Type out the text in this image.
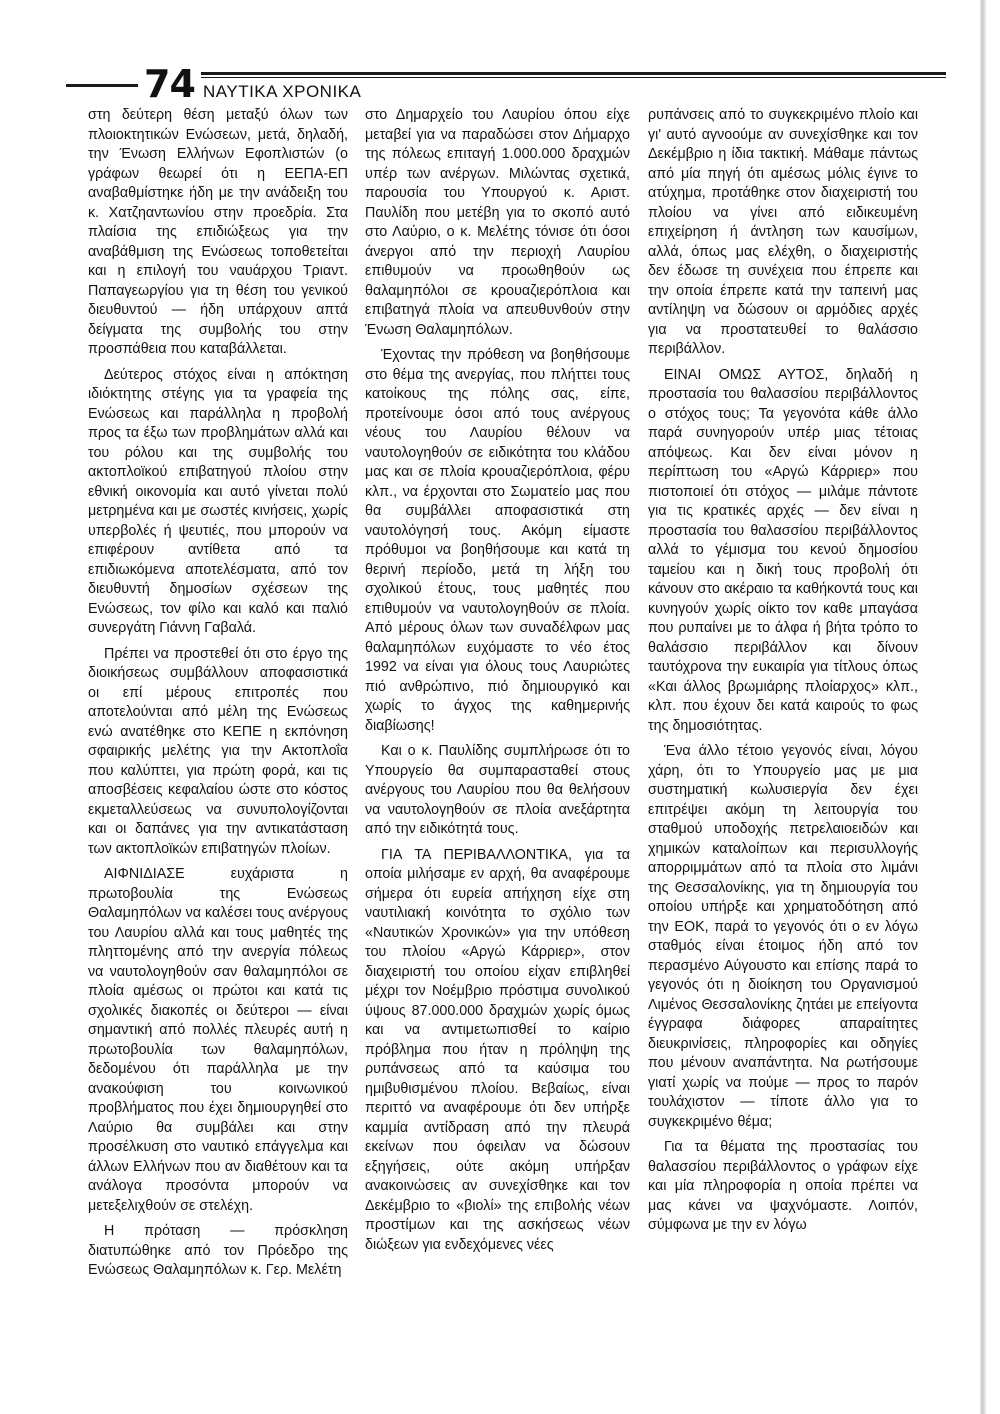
74 ΝΑΥΤΙΚΑ ΧΡΟΝΙΚΑ

στη δεύτερη θέση μεταξύ όλων των πλοιοκτητικών Ενώσεων, μετά, δηλαδή, την Ένωση Ελλήνων Εφοπλιστών (ο γράφων θεωρεί ότι η ΕΕΠΑ-ΕΠ αναβαθμίστηκε ήδη με την ανάδειξη του κ. Χατζηαντωνίου στην προεδρία. Στα πλαίσια της επιδιώξεως για την αναβάθμιση της Ενώσεως τοποθετείται και η επιλογή του ναυάρχου Τριαντ. Παπαγεωργίου για τη θέση του γενικού διευθυντού — ήδη υπάρχουν απτά δείγματα της συμβολής του στην προσπάθεια που καταβάλλεται.

Δεύτερος στόχος είναι η απόκτηση ιδιόκτητης στέγης για τα γραφεία της Ενώσεως και παράλληλα η προβολή προς τα έξω των προβλημάτων αλλά και του ρόλου και της συμβολής του ακτοπλοϊκού επιβατηγού πλοίου στην εθνική οικονομία και αυτό γίνεται πολύ μετρημένα και με σωστές κινήσεις, χωρίς υπερβολές ή ψευτιές, που μπορούν να επιφέρουν αντίθετα από τα επιδιωκόμενα αποτελέσματα, από τον διευθυντή δημοσίων σχέσεων της Ενώσεως, τον φίλο και καλό και παλιό συνεργάτη Γιάννη Γαβαλά.

Πρέπει να προστεθεί ότι στο έργο της διοικήσεως συμβάλλουν αποφασιστικά οι επί μέρους επιτροπές που αποτελούνται από μέλη της Ενώσεως ενώ ανατέθηκε στο ΚΕΠΕ η εκπόνηση σφαιρικής μελέτης για την Ακτοπλοΐα που καλύπτει, για πρώτη φορά, και τις αποσβέσεις κεφαλαίου ώστε στο κόστος εκμεταλλεύσεως να συνυπολογίζονται και οι δαπάνες για την αντικατάσταση των ακτοπλοϊκών επιβατηγών πλοίων.

ΑΙΦΝΙΔΙΑΣΕ ευχάριστα η πρωτοβουλία της Ενώσεως Θαλαμηπόλων να καλέσει τους ανέργους του Λαυρίου αλλά και τους μαθητές της πληττομένης από την ανεργία πόλεως να ναυτολογηθούν σαν θαλαμηπόλοι σε πλοία αμέσως οι πρώτοι και κατά τις σχολικές διακοπές οι δεύτεροι — είναι σημαντική από πολλές πλευρές αυτή η πρωτοβουλία των θαλαμηπόλων, δεδομένου ότι παράλληλα με την ανακούφιση του κοινωνικού προβλήματος που έχει δημιουργηθεί στο Λαύριο θα συμβάλει και στην προσέλκυση στο ναυτικό επάγγελμα και άλλων Ελλήνων που αν διαθέτουν και τα ανάλογα προσόντα μπορούν να μετεξελιχθούν σε στελέχη.

Η πρόταση — πρόσκληση διατυπώθηκε από τον Πρόεδρο της Ενώσεως Θαλαμηπόλων κ. Γερ. Μελέτη

στο Δημαρχείο του Λαυρίου όπου είχε μεταβεί για να παραδώσει στον Δήμαρχο της πόλεως επιταγή 1.000.000 δραχμών υπέρ των ανέργων. Μιλώντας σχετικά, παρουσία του Υπουργού κ. Αριστ. Παυλίδη που μετέβη για το σκοπό αυτό στο Λαύριο, ο κ. Μελέτης τόνισε ότι όσοι άνεργοι από την περιοχή Λαυρίου επιθυμούν να προωθηθούν ως θαλαμηπόλοι σε κρουαζιερόπλοια και επιβατηγά πλοία να απευθυνθούν στην Ένωση Θαλαμηπόλων.

Έχοντας την πρόθεση να βοηθήσουμε στο θέμα της ανεργίας, που πλήττει τους κατοίκους της πόλης σας, είπε, προτείνουμε όσοι από τους ανέργους νέους του Λαυρίου θέλουν να ναυτολογηθούν σε ειδικότητα του κλάδου μας και σε πλοία κρουαζιερόπλοια, φέρυ κλπ., να έρχονται στο Σωματείο μας που θα συμβάλλει αποφασιστικά στη ναυτολόγησή τους. Ακόμη είμαστε πρόθυμοι να βοηθήσουμε και κατά τη θερινή περίοδο, μετά τη λήξη του σχολικού έτους, τους μαθητές που επιθυμούν να ναυτολογηθούν σε πλοία. Από μέρους όλων των συναδέλφων μας θαλαμηπόλων ευχόμαστε το νέο έτος 1992 να είναι για όλους τους Λαυριώτες πιό ανθρώπινο, πιό δημιουργικό και χωρίς το άγχος της καθημερινής διαβίωσης!

Και ο κ. Παυλίδης συμπλήρωσε ότι το Υπουργείο θα συμπαρασταθεί στους ανέργους του Λαυρίου που θα θελήσουν να ναυτολογηθούν σε πλοία ανεξάρτητα από την ειδικότητά τους.

ΓΙΑ ΤΑ ΠΕΡΙΒΑΛΛΟΝΤΙΚΑ, για τα οποία μιλήσαμε εν αρχή, θα αναφέρουμε σήμερα ότι ευρεία απήχηση είχε στη ναυτιλιακή κοινότητα το σχόλιο των «Ναυτικών Χρονικών» για την υπόθεση του πλοίου «Αργώ Κάρριερ», στον διαχειριστή του οποίου είχαν επιβληθεί μέχρι τον Νοέμβριο πρόστιμα συνολικού ύψους 87.000.000 δραχμών χωρίς όμως και να αντιμετωπισθεί το καίριο πρόβλημα που ήταν η πρόληψη της ρυπάνσεως από τα καύσιμα του ημιβυθισμένου πλοίου. Βεβαίως, είναι περιττό να αναφέρουμε ότι δεν υπήρξε καμμία αντίδραση από την πλευρά εκείνων που όφειλαν να δώσουν εξηγήσεις, ούτε ακόμη υπήρξαν ανακοινώσεις αν συνεχίσθηκε και τον Δεκέμβριο το «βιολί» της επιβολής νέων προστίμων και της ασκήσεως νέων διώξεων για ενδεχόμενες νέες

ρυπάνσεις από το συγκεκριμένο πλοίο και γι' αυτό αγνοούμε αν συνεχίσθηκε και τον Δεκέμβριο η ίδια τακτική. Μάθαμε πάντως από μία πηγή ότι αμέσως μόλις έγινε το ατύχημα, προτάθηκε στον διαχειριστή του πλοίου να γίνει από ειδικευμένη επιχείρηση ή άντληση των καυσίμων, αλλά, όπως μας ελέχθη, ο διαχειριστής δεν έδωσε τη συνέχεια που έπρεπε και την οποία έπρεπε κατά την ταπεινή μας αντίληψη να δώσουν οι αρμόδιες αρχές για να προστατευθεί το θαλάσσιο περιβάλλον.

ΕΙΝΑΙ ΟΜΩΣ ΑΥΤΟΣ, δηλαδή η προστασία του θαλασσίου περιβάλλοντος ο στόχος τους; Τα γεγονότα κάθε άλλο παρά συνηγορούν υπέρ μιας τέτοιας απόψεως. Και δεν είναι μόνον η περίπτωση του «Αργώ Κάρριερ» που πιστοποιεί ότι στόχος — μιλάμε πάντοτε για τις κρατικές αρχές — δεν είναι η προστασία του θαλασσίου περιβάλλοντος αλλά το γέμισμα του κενού δημοσίου ταμείου και η δική τους προβολή ότι κάνουν στο ακέραιο τα καθήκοντά τους και κυνηγούν χωρίς οίκτο τον καθε μπαγάσα που ρυπαίνει με το άλφα ή βήτα τρόπο το θαλάσσιο περιβάλλον και δίνουν ταυτόχρονα την ευκαιρία για τίτλους όπως «Και άλλος βρωμιάρης πλοίαρχος» κλπ., κλπ. που έχουν δει κατά καιρούς το φως της δημοσιότητας.

Ένα άλλο τέτοιο γεγονός είναι, λόγου χάρη, ότι το Υπουργείο μας με μια συστηματική κωλυσιεργία δεν έχει επιτρέψει ακόμη τη λειτουργία του σταθμού υποδοχής πετρελαιοειδών και χημικών καταλοίπων και περισυλλογής απορριμμάτων από τα πλοία στο λιμάνι της Θεσσαλονίκης, για τη δημιουργία του οποίου υπήρξε και χρηματοδότηση από την ΕΟΚ, παρά το γεγονός ότι ο εν λόγω σταθμός είναι έτοιμος ήδη από τον περασμένο Αύγουστο και επίσης παρά το γεγονός ότι η διοίκηση του Οργανισμού Λιμένος Θεσσαλονίκης ζητάει με επείγοντα έγγραφα διάφορες απαραίτητες διευκρινίσεις, πληροφορίες και οδηγίες που μένουν αναπάντητα. Να ρωτήσουμε γιατί χωρίς να πούμε — προς το παρόν τουλάχιστον — τίποτε άλλο για το συγκεκριμένο θέμα;

Για τα θέματα της προστασίας του θαλασσίου περιβάλλοντος ο γράφων είχε και μία πληροφορία η οποία πρέπει να μας κάνει να ψαχνόμαστε. Λοιπόν, σύμφωνα με την εν λόγω
